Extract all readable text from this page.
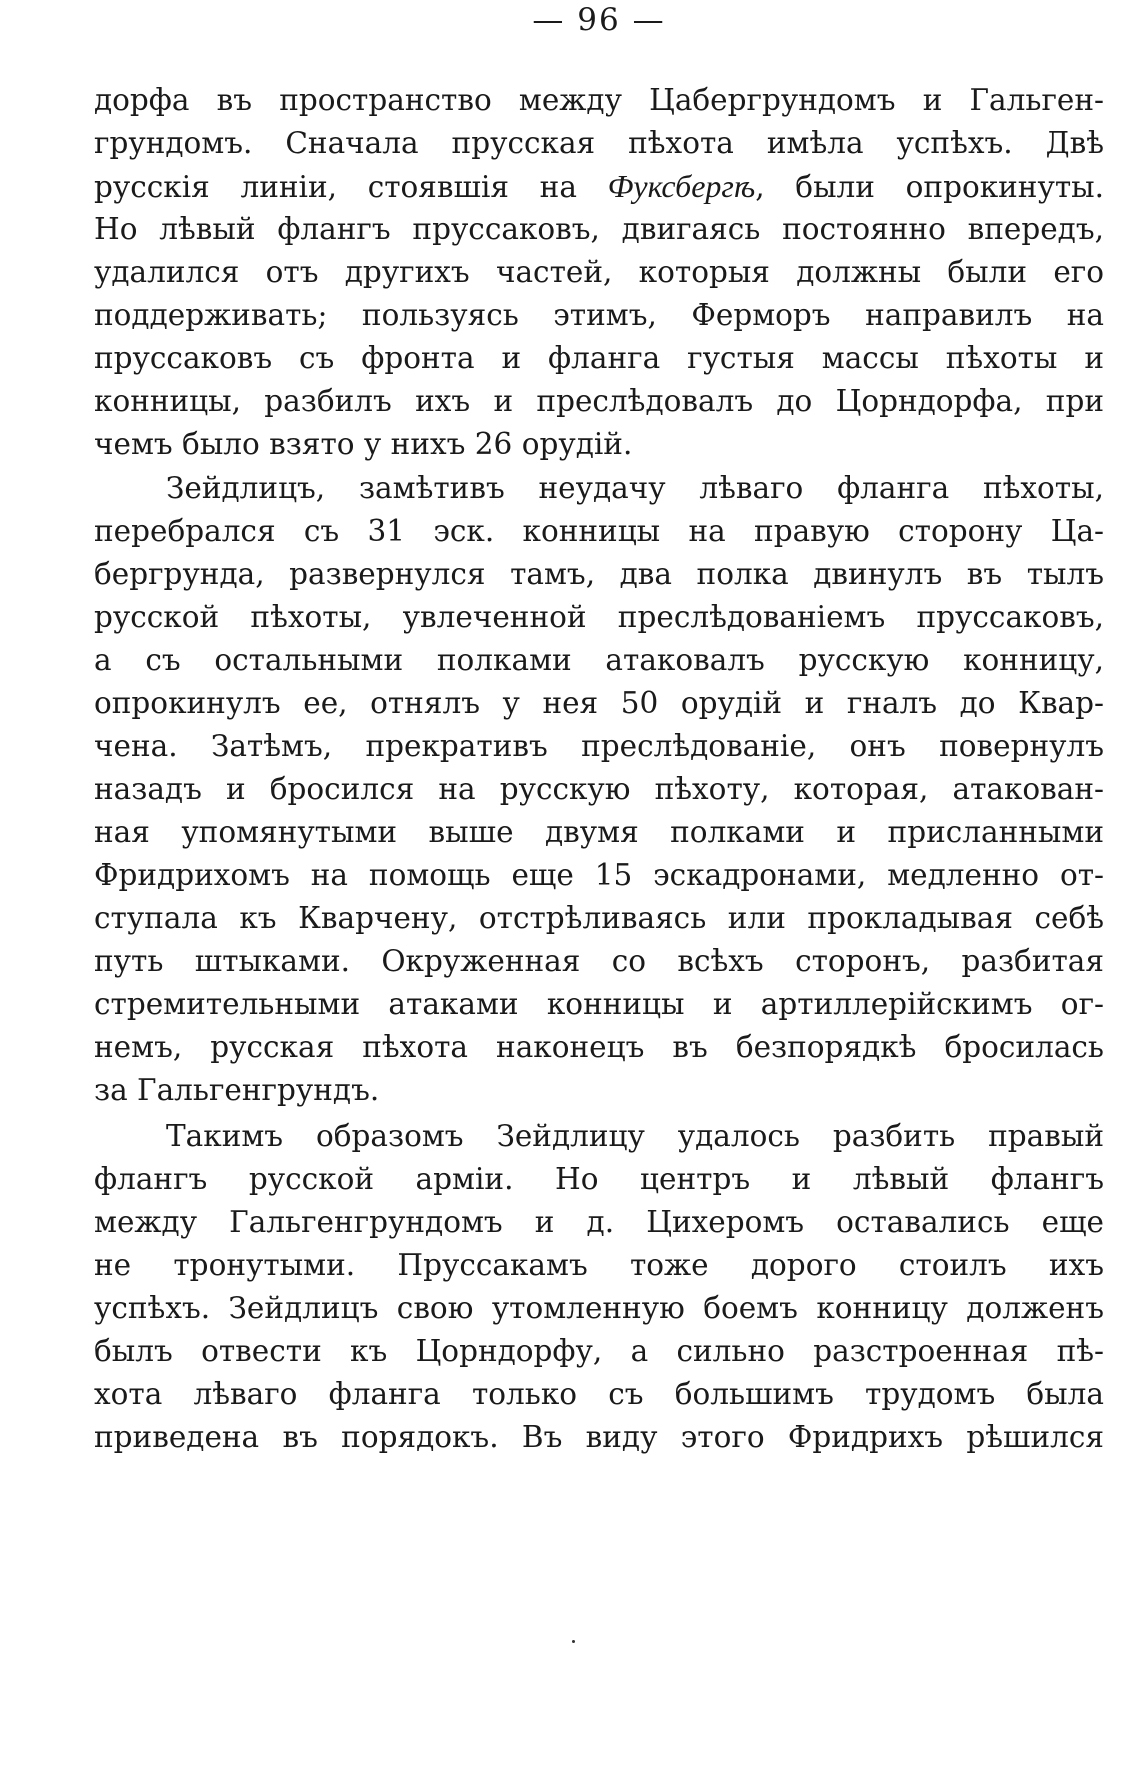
— 96 —
дорфа въ пространство между Цабергрундомъ и Гальген-
грундомъ. Сначала прусская пѣхота имѣла успѣхъ. Двѣ
русскія линіи, стоявшія на Фуксбергѣ, были опрокинуты.
Но лѣвый флангъ пруссаковъ, двигаясь постоянно впередъ,
удалился отъ другихъ частей, которыя должны были его
поддерживать; пользуясь этимъ, Ферморъ направилъ на
пруссаковъ съ фронта и фланга густыя массы пѣхоты и
конницы, разбилъ ихъ и преслѣдовалъ до Цорндорфа, при
чемъ было взято у нихъ 26 орудій.
Зейдлицъ, замѣтивъ неудачу лѣваго фланга пѣхоты,
перебрался съ 31 эск. конницы на правую сторону Ца-
бергрунда, развернулся тамъ, два полка двинулъ въ тылъ
русской пѣхоты, увлеченной преслѣдованіемъ пруссаковъ,
а съ остальными полками атаковалъ русскую конницу,
опрокинулъ ее, отнялъ у нея 50 орудій и гналъ до Квар-
чена. Затѣмъ, прекративъ преслѣдованіе, онъ повернулъ
назадъ и бросился на русскую пѣхоту, которая, атакован-
ная упомянутыми выше двумя полками и присланными
Фридрихомъ на помощь еще 15 эскадронами, медленно от-
ступала къ Кварчену, отстрѣливаясь или прокладывая себѣ
путь штыками. Окруженная со всѣхъ сторонъ, разбитая
стремительными атаками конницы и артиллерійскимъ ог-
немъ, русская пѣхота наконецъ въ безпорядкѣ бросилась
за Гальгенгрундъ.
Такимъ образомъ Зейдлицу удалось разбить правый
флангъ русской арміи. Но центръ и лѣвый флангъ
между Гальгенгрундомъ и д. Цихеромъ оставались еще
не тронутыми. Пруссакамъ тоже дорого стоилъ ихъ
успѣхъ. Зейдлицъ свою утомленную боемъ конницу долженъ
былъ отвести къ Цорндорфу, а сильно разстроенная пѣ-
хота лѣваго фланга только съ большимъ трудомъ была
приведена въ порядокъ. Въ виду этого Фридрихъ рѣшился
